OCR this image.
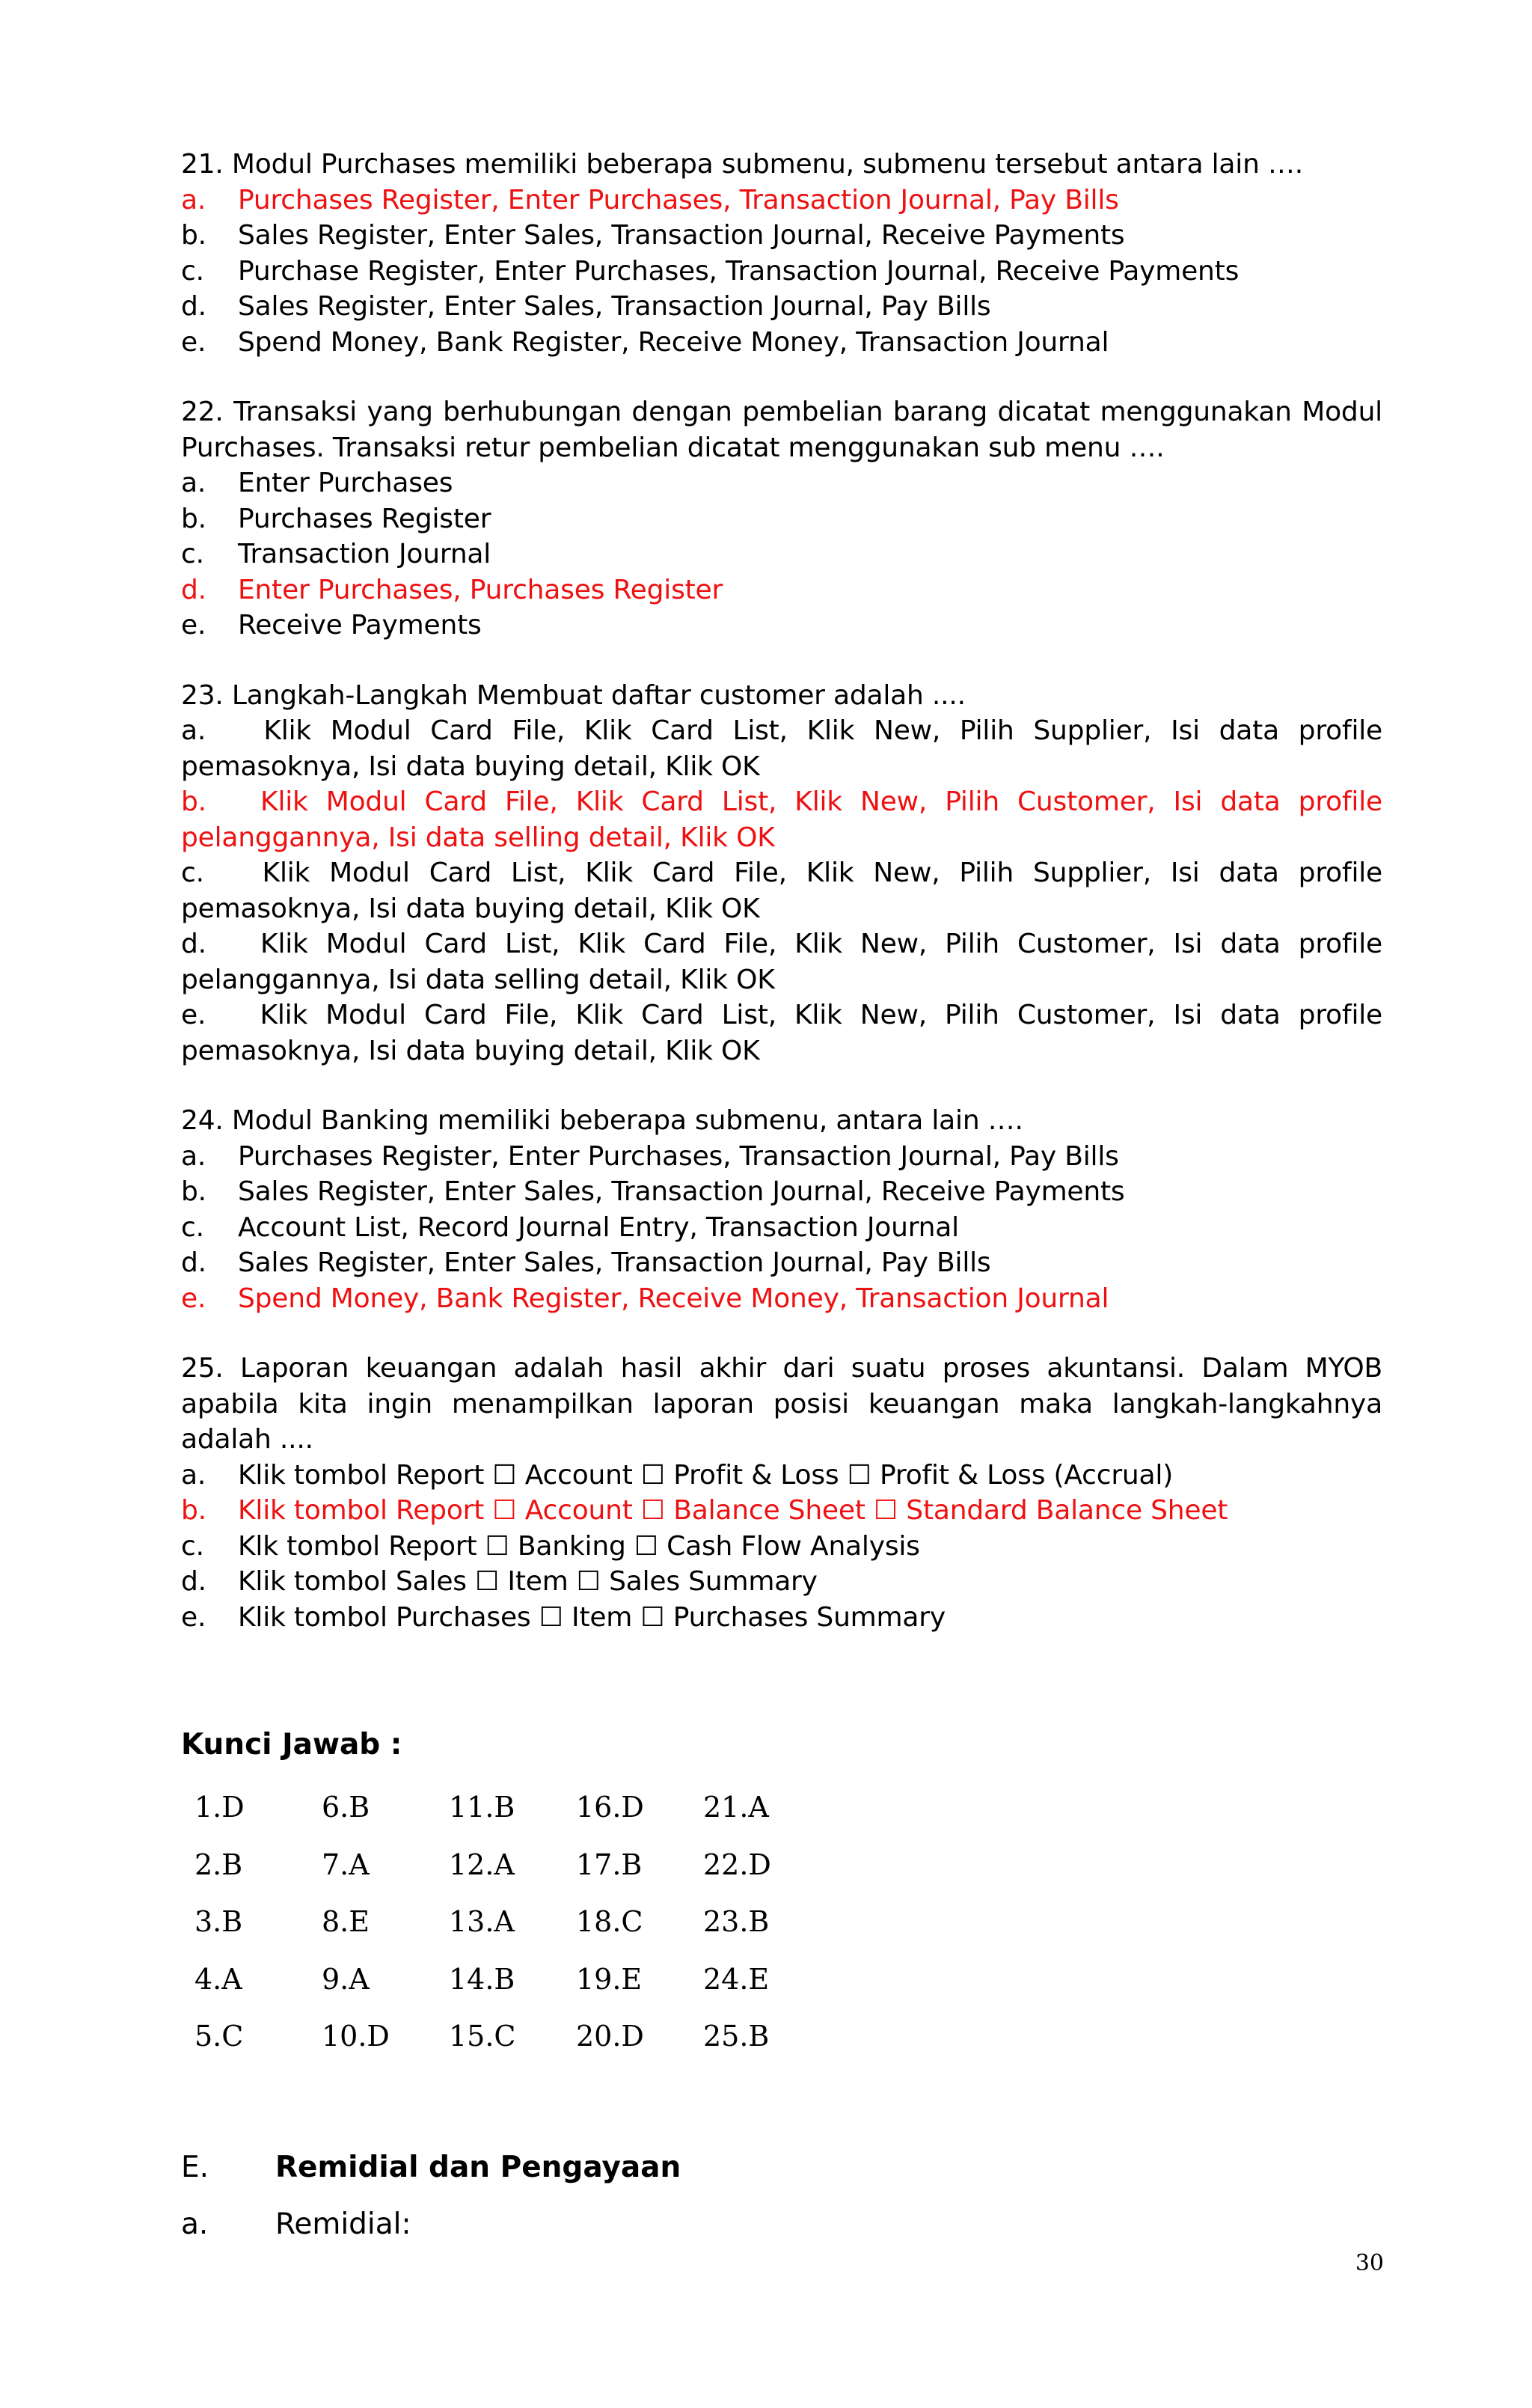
21. Modul Purchases memiliki beberapa submenu, submenu tersebut antara lain ….

a. Purchases Register, Enter Purchases, Transaction Journal, Pay Bills

b. Sales Register, Enter Sales, Transaction Journal, Receive Payments

c. Purchase Register, Enter Purchases, Transaction Journal, Receive Payments

d. Sales Register, Enter Sales, Transaction Journal, Pay Bills

e. Spend Money, Bank Register, Receive Money, Transaction Journal

22. Transaksi yang berhubungan dengan pembelian barang dicatat menggunakan Modul Purchases. Transaksi retur pembelian dicatat menggunakan sub menu ….

a. Enter Purchases

b. Purchases Register

c. Transaction Journal

d. Enter Purchases, Purchases Register

e. Receive Payments

23. Langkah-Langkah Membuat daftar customer adalah ....

a. Klik Modul Card File, Klik Card List, Klik New, Pilih Supplier, Isi data profile pemasoknya, Isi data buying detail, Klik OK

b. Klik Modul Card File, Klik Card List, Klik New, Pilih Customer, Isi data profile pelanggannya, Isi data selling detail, Klik OK

c. Klik Modul Card List, Klik Card File, Klik New, Pilih Supplier, Isi data profile pemasoknya, Isi data buying detail, Klik OK

d. Klik Modul Card List, Klik Card File, Klik New, Pilih Customer, Isi data profile pelanggannya, Isi data selling detail, Klik OK

e. Klik Modul Card File, Klik Card List, Klik New, Pilih Customer, Isi data profile pemasoknya, Isi data buying detail, Klik OK

24. Modul Banking memiliki beberapa submenu, antara lain ….

a. Purchases Register, Enter Purchases, Transaction Journal, Pay Bills

b. Sales Register, Enter Sales, Transaction Journal, Receive Payments

c. Account List, Record Journal Entry, Transaction Journal

d. Sales Register, Enter Sales, Transaction Journal, Pay Bills

e. Spend Money, Bank Register, Receive Money, Transaction Journal

25. Laporan keuangan adalah hasil akhir dari suatu proses akuntansi. Dalam MYOB apabila kita ingin menampilkan laporan posisi keuangan maka langkah-langkahnya adalah ....

a. Klik tombol Report ☐ Account ☐ Profit & Loss ☐ Profit & Loss (Accrual)

b. Klik tombol Report ☐ Account ☐ Balance Sheet ☐ Standard Balance Sheet

c. Klk tombol Report ☐ Banking ☐ Cash Flow Analysis

d. Klik tombol Sales ☐ Item ☐ Sales Summary

e. Klik tombol Purchases ☐ Item ☐ Purchases Summary

Kunci Jawab :
1.D	6.B	11.B	16.D	21.A
2.B	7.A	12.A	17.B	22.D
3.B	8.E	13.A	18.C	23.B
4.A	9.A	14.B	19.E	24.E
5.C	10.D	15.C	20.D	25.B
E. Remidial dan Pengayaan
a. Remidial:
30
